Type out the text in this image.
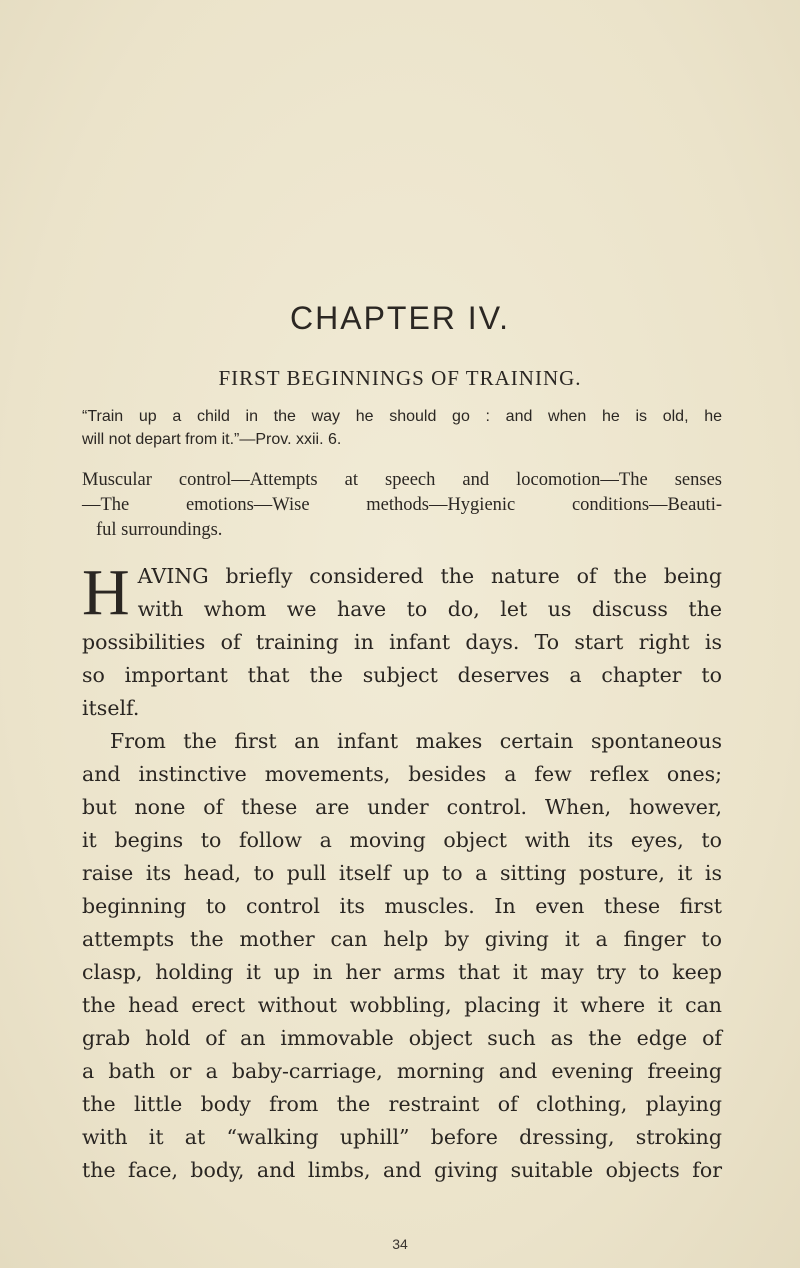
CHAPTER IV.
FIRST BEGINNINGS OF TRAINING.
“Train up a child in the way he should go : and when he is old, he
will not depart from it.”—Prov. xxii. 6.
Muscular control—Attempts at speech and locomotion—The senses
—The emotions—Wise methods—Hygienic conditions—Beauti-
ful surroundings.
H AVING briefly considered the nature of the being
with whom we have to do, let us discuss the
possibilities of training in infant days. To start right is
so important that the subject deserves a chapter to
itself.
From the first an infant makes certain spontaneous
and instinctive movements, besides a few reflex ones;
but none of these are under control. When, however,
it begins to follow a moving object with its eyes, to
raise its head, to pull itself up to a sitting posture, it is
beginning to control its muscles. In even these first
attempts the mother can help by giving it a finger to
clasp, holding it up in her arms that it may try to keep
the head erect without wobbling, placing it where it can
grab hold of an immovable object such as the edge of
a bath or a baby-carriage, morning and evening freeing
the little body from the restraint of clothing, playing
with it at “walking uphill” before dressing, stroking
the face, body, and limbs, and giving suitable objects for
34
